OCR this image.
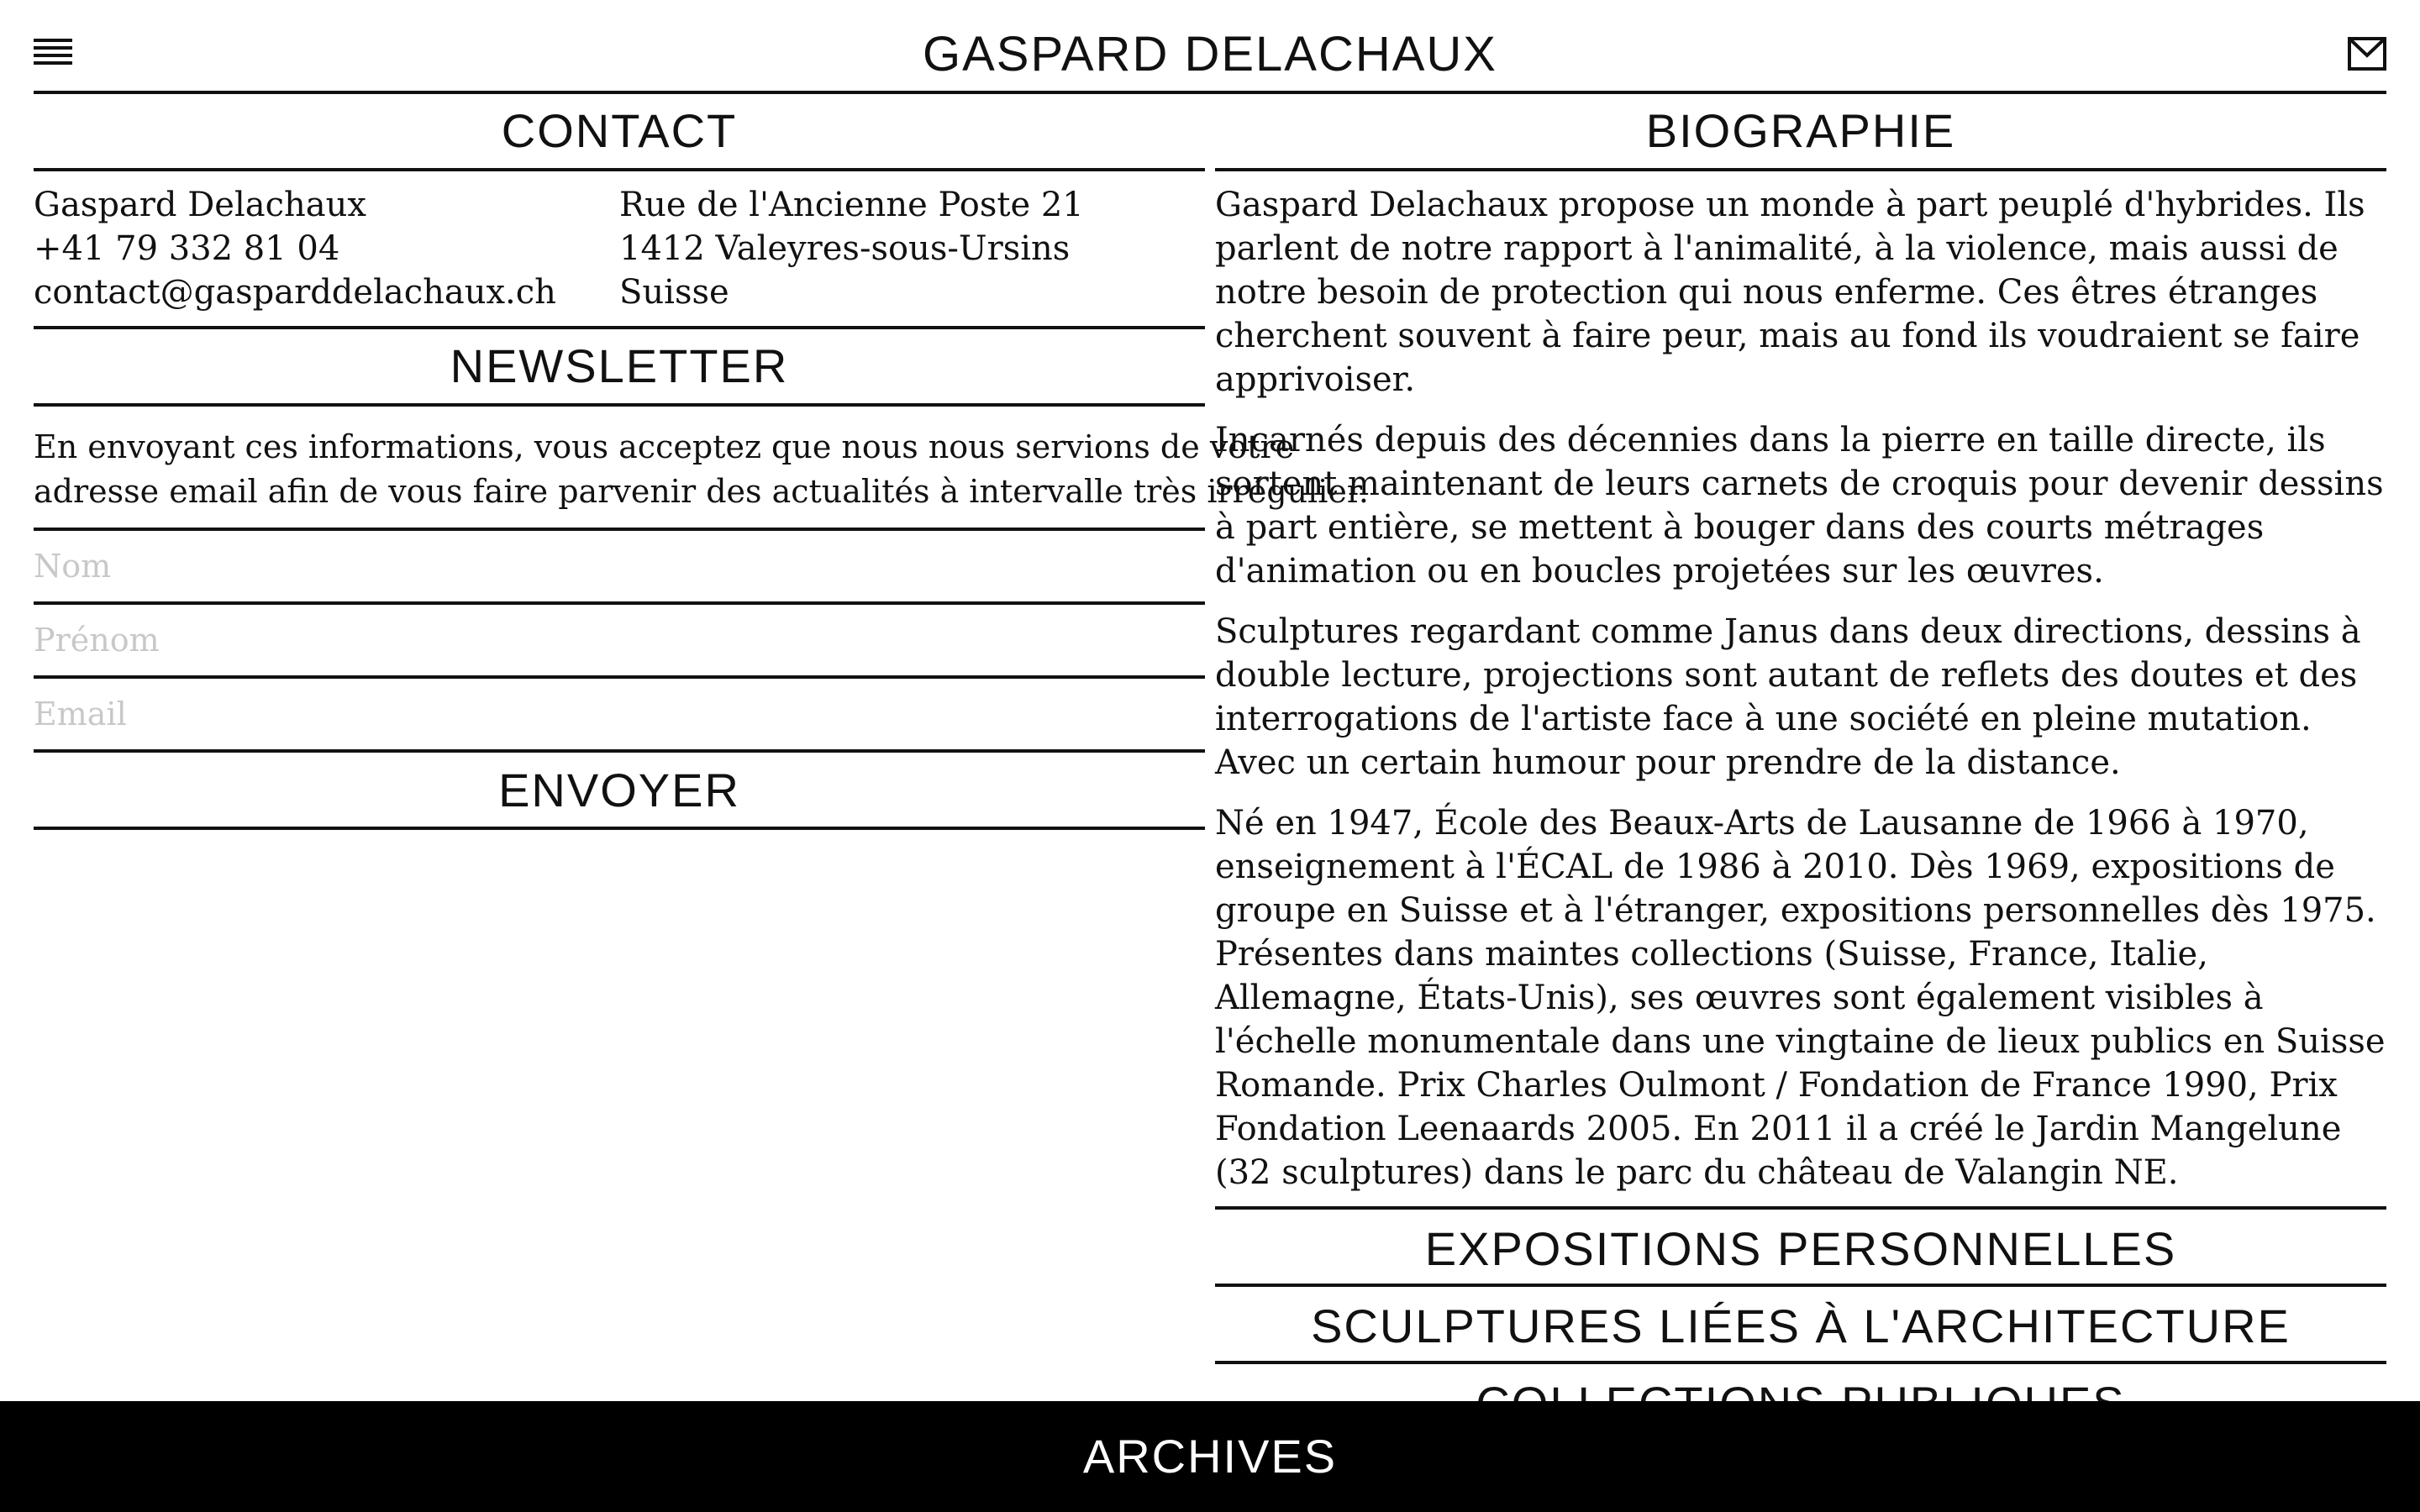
GASPARD DELACHAUX
CONTACT
Gaspard Delachaux
+41 79 332 81 04
contact@gasparddelachaux.ch
Rue de l'Ancienne Poste 21
1412 Valeyres-sous-Ursins
Suisse
NEWSLETTER
En envoyant ces informations, vous acceptez que nous nous servions de votre
adresse email afin de vous faire parvenir des actualités à intervalle très irrégulier.
Nom
Prénom
Email
ENVOYER
BIOGRAPHIE

Gaspard Delachaux propose un monde à part peuplé d'hybrides. Ils parlent de notre rapport à l'animalité, à la violence, mais aussi de notre besoin de protection qui nous enferme. Ces êtres étranges cherchent souvent à faire peur, mais au fond ils voudraient se faire apprivoiser.

Incarnés depuis des décennies dans la pierre en taille directe, ils sortent maintenant de leurs carnets de croquis pour devenir dessins à part entière, se mettent à bouger dans des courts métrages d'animation ou en boucles projetées sur les œuvres.

Sculptures regardant comme Janus dans deux directions, dessins à double lecture, projections sont autant de reflets des doutes et des interrogations de l'artiste face à une société en pleine mutation. Avec un certain humour pour prendre de la distance.

Né en 1947, École des Beaux-Arts de Lausanne de 1966 à 1970, enseignement à l'ÉCAL de 1986 à 2010. Dès 1969, expositions de groupe en Suisse et à l'étranger, expositions personnelles dès 1975. Présentes dans maintes collections (Suisse, France, Italie, Allemagne, États-Unis), ses œuvres sont également visibles à l'échelle monumentale dans une vingtaine de lieux publics en Suisse Romande. Prix Charles Oulmont / Fondation de France 1990, Prix Fondation Leenaards 2005. En 2011 il a créé le Jardin Mangelune (32 sculptures) dans le parc du château de Valangin NE.

EXPOSITIONS PERSONNELLES
SCULPTURES LIÉES À L'ARCHITECTURE
ARCHIVES
